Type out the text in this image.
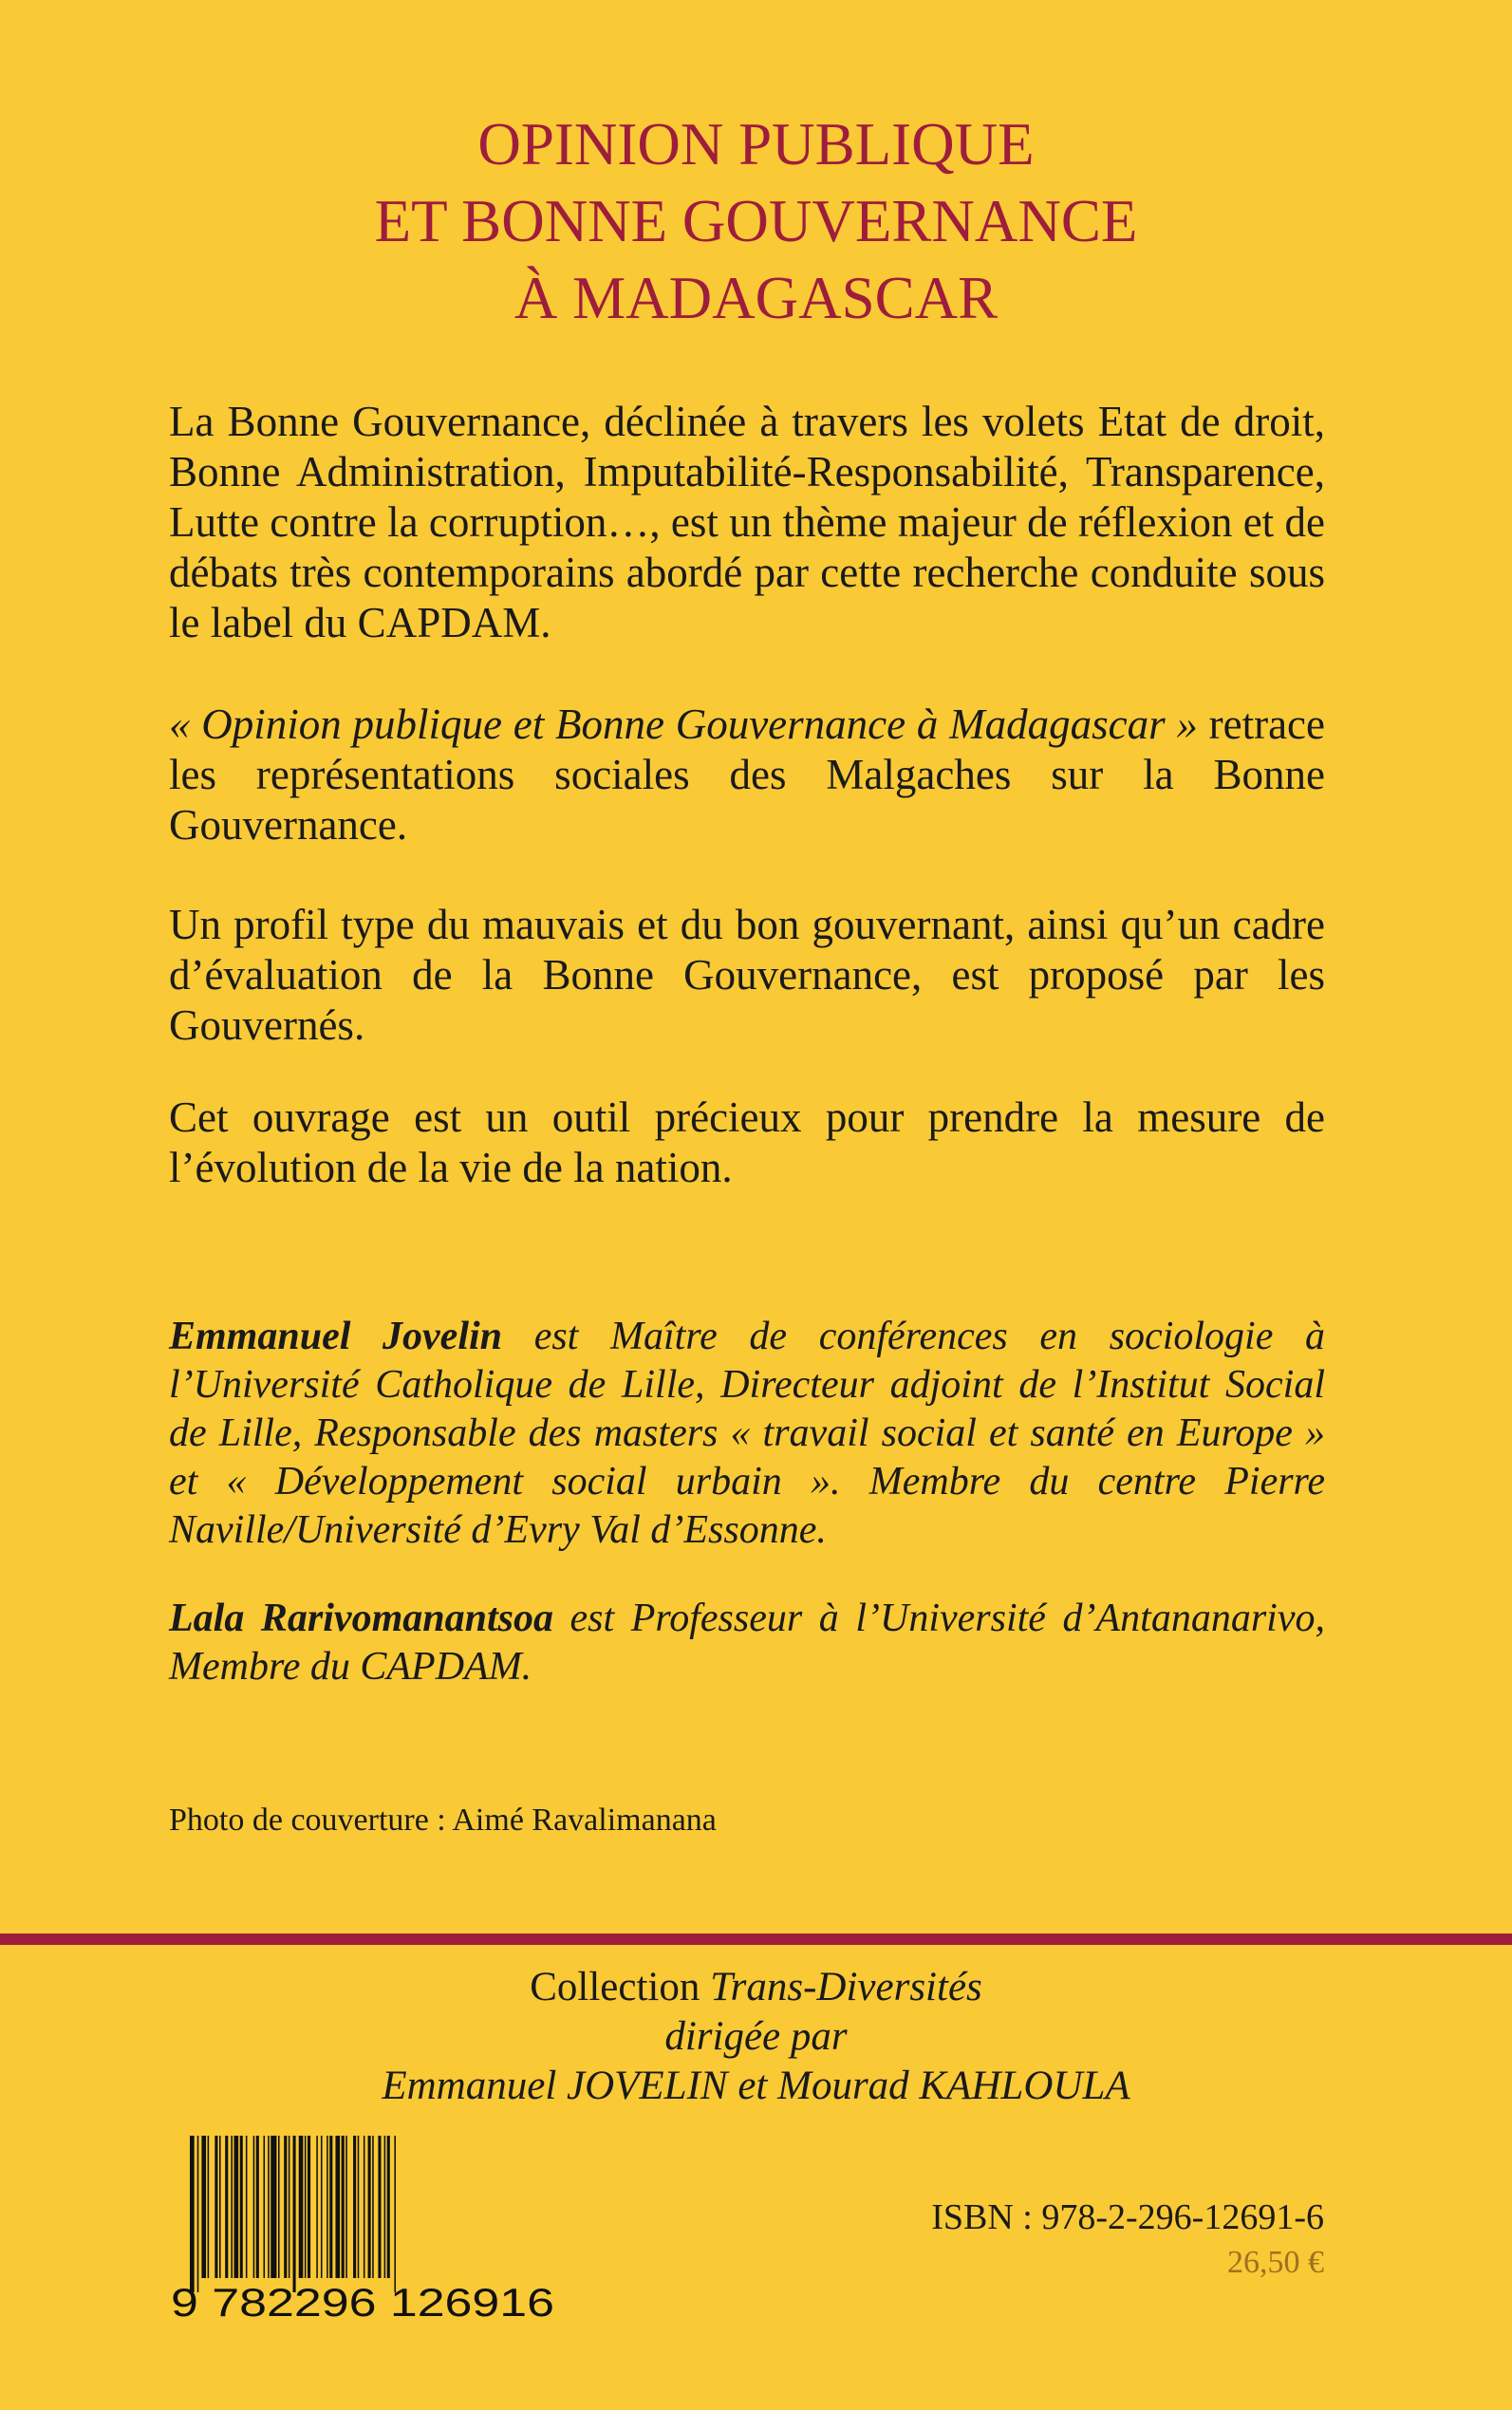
OPINION PUBLIQUE
ET BONNE GOUVERNANCE
À MADAGASCAR

La Bonne Gouvernance, déclinée à travers les volets Etat de droit, Bonne Administration, Imputabilité-Responsabilité, Transparence, Lutte contre la corruption…, est un thème majeur de réflexion et de débats très contemporains abordé par cette recherche conduite sous le label du CAPDAM.

« Opinion publique et Bonne Gouvernance à Madagascar » retrace les représentations sociales des Malgaches sur la Bonne Gouvernance.

Un profil type du mauvais et du bon gouvernant, ainsi qu’un cadre d’évaluation de la Bonne Gouvernance, est proposé par les Gouvernés.

Cet ouvrage est un outil précieux pour prendre la mesure de l’évolution de la vie de la nation.

Emmanuel Jovelin est Maître de conférences en sociologie à l’Université Catholique de Lille, Directeur adjoint de l’Institut Social de Lille, Responsable des masters « travail social et santé en Europe » et « Développement social urbain ». Membre du centre Pierre Naville/Université d’Evry Val d’Essonne.

Lala Rarivomanantsoa est Professeur à l’Université d’Antananarivo, Membre du CAPDAM.

Photo de couverture : Aimé Ravalimanana
Collection Trans-Diversités
dirigée par
Emmanuel JOVELIN et Mourad KAHLOULA
9 782296 126916
ISBN : 978-2-296-12691-6
26,50 €
